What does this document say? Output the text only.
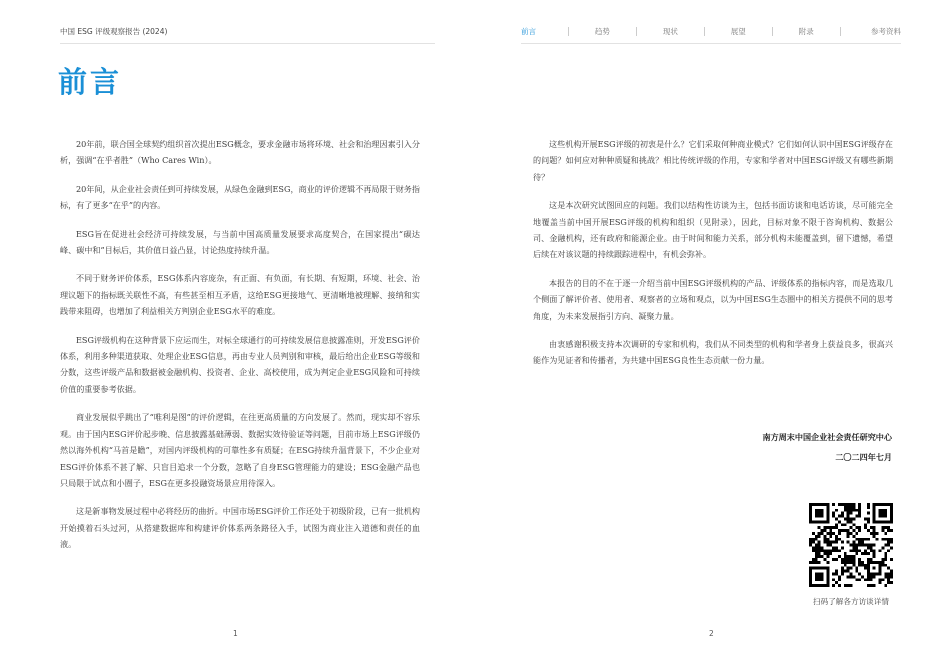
中国 ESG 评级观察报告 (2024)
前言

20年前，联合国全球契约组织首次提出ESG概念，要求金融市场将环境、社会和治理因素引入分析，强调“在乎者胜”（Who Cares Win）。

20年间，从企业社会责任到可持续发展，从绿色金融到ESG，商业的评价逻辑不再局限于财务指标，有了更多“在乎”的内容。

ESG旨在促进社会经济可持续发展，与当前中国高质量发展要求高度契合，在国家提出“碳达峰、碳中和”目标后，其价值日益凸显，讨论热度持续升温。

不同于财务评价体系，ESG体系内容庞杂，有正面、有负面，有长期、有短期，环境、社会、治理议题下的指标既关联性不高，有些甚至相互矛盾，这给ESG更接地气、更清晰地被理解、接纳和实践带来阻碍，也增加了利益相关方判别企业ESG水平的难度。

ESG评级机构在这种背景下应运而生，对标全球通行的可持续发展信息披露准则，开发ESG评价体系，利用多种渠道获取、处理企业ESG信息，再由专业人员判别和审核，最后给出企业ESG等级和分数，这些评级产品和数据被金融机构、投资者、企业、高校使用，成为判定企业ESG风险和可持续价值的重要参考依据。

商业发展似乎跳出了“唯利是图”的评价逻辑，在往更高质量的方向发展了。然而，现实却不容乐观。由于国内ESG评价起步晚、信息披露基础薄弱、数据实效待验证等问题，目前市场上ESG评级仍然以海外机构“马首是瞻”，对国内评级机构的可靠性多有质疑；在ESG持续升温背景下，不少企业对ESG评价体系不甚了解、只盲目追求一个分数，忽略了自身ESG管理能力的建设；ESG金融产品也只局限于试点和小圈子，ESG在更多投融资场景应用待深入。

这是新事物发展过程中必将经历的曲折。中国市场ESG评价工作还处于初级阶段，已有一批机构开始摸着石头过河，从搭建数据库和构建评价体系两条路径入手，试图为商业注入道德和责任的血液。

1

这些机构开展ESG评级的初衷是什么？它们采取何种商业模式？它们如何认识中国ESG评级存在的问题？如何应对种种质疑和挑战？相比传统评级的作用，专家和学者对中国ESG评级又有哪些新期待？

这是本次研究试图回应的问题。我们以结构性访谈为主，包括书面访谈和电话访谈，尽可能完全地覆盖当前中国开展ESG评级的机构和组织（见附录），因此，目标对象不限于咨询机构、数据公司、金融机构，还有政府和能源企业。由于时间和能力关系，部分机构未能覆盖到，留下遗憾，希望后续在对该议题的持续跟踪进程中，有机会弥补。

本报告的目的不在于逐一介绍当前中国ESG评级机构的产品、评级体系的指标内容，而是选取几个侧面了解评价者、使用者、观察者的立场和观点，以为中国ESG生态圈中的相关方提供不同的思考角度，为未来发展指引方向、凝聚力量。

由衷感谢积极支持本次调研的专家和机构，我们从不同类型的机构和学者身上获益良多，很高兴能作为见证者和传播者，为共建中国ESG良性生态贡献一份力量。

南方周末中国企业社会责任研究中心
二〇二四年七月
扫码了解各方访谈详情
2
前言	趋势	现状	展望	附录	参考资料
